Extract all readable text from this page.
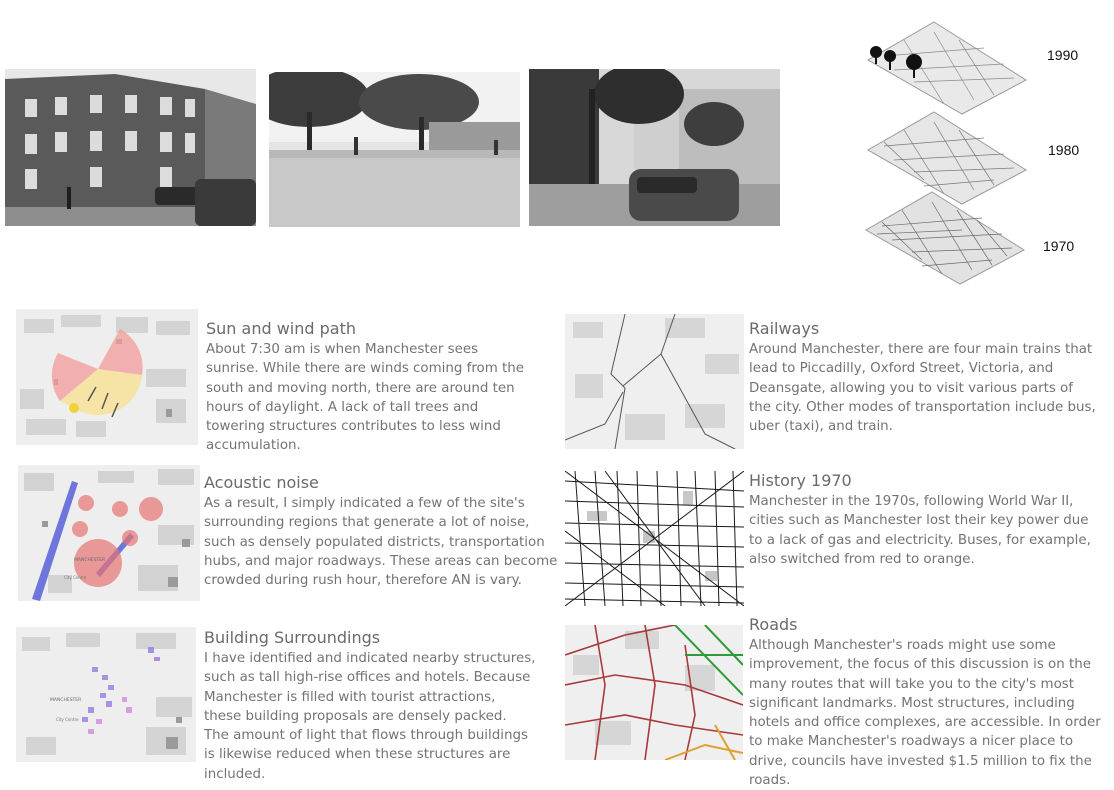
1990
1980
1970
MANCHESTER
City Centre
MANCHESTER
City Centre
Sun and wind path
About 7:30 am is when Manchester sees
sunrise. While there are winds coming from the
south and moving north, there are around ten
hours of daylight. A lack of tall trees and
towering structures contributes to less wind
accumulation.
Acoustic noise
As a result, I simply indicated a few of the site's
surrounding regions that generate a lot of noise,
such as densely populated districts, transportation
hubs, and major roadways. These areas can become
crowded during rush hour, therefore AN is vary.
Building Surroundings
I have identified and indicated nearby structures,
such as tall high-rise offices and hotels. Because
Manchester is filled with tourist attractions,
these building proposals are densely packed.
The amount of light that flows through buildings
is likewise reduced when these structures are
included.
Railways
Around Manchester, there are four main trains that
lead to Piccadilly, Oxford Street, Victoria, and
Deansgate, allowing you to visit various parts of
the city. Other modes of transportation include bus,
uber (taxi), and train.
History 1970
Manchester in the 1970s, following World War II,
cities such as Manchester lost their key power due
to a lack of gas and electricity. Buses, for example,
also switched from red to orange.
Roads
Although Manchester's roads might use some
improvement, the focus of this discussion is on the
many routes that will take you to the city's most
significant landmarks. Most structures, including
hotels and office complexes, are accessible. In order
to make Manchester's roadways a nicer place to
drive, councils have invested $1.5 million to fix the
roads.
